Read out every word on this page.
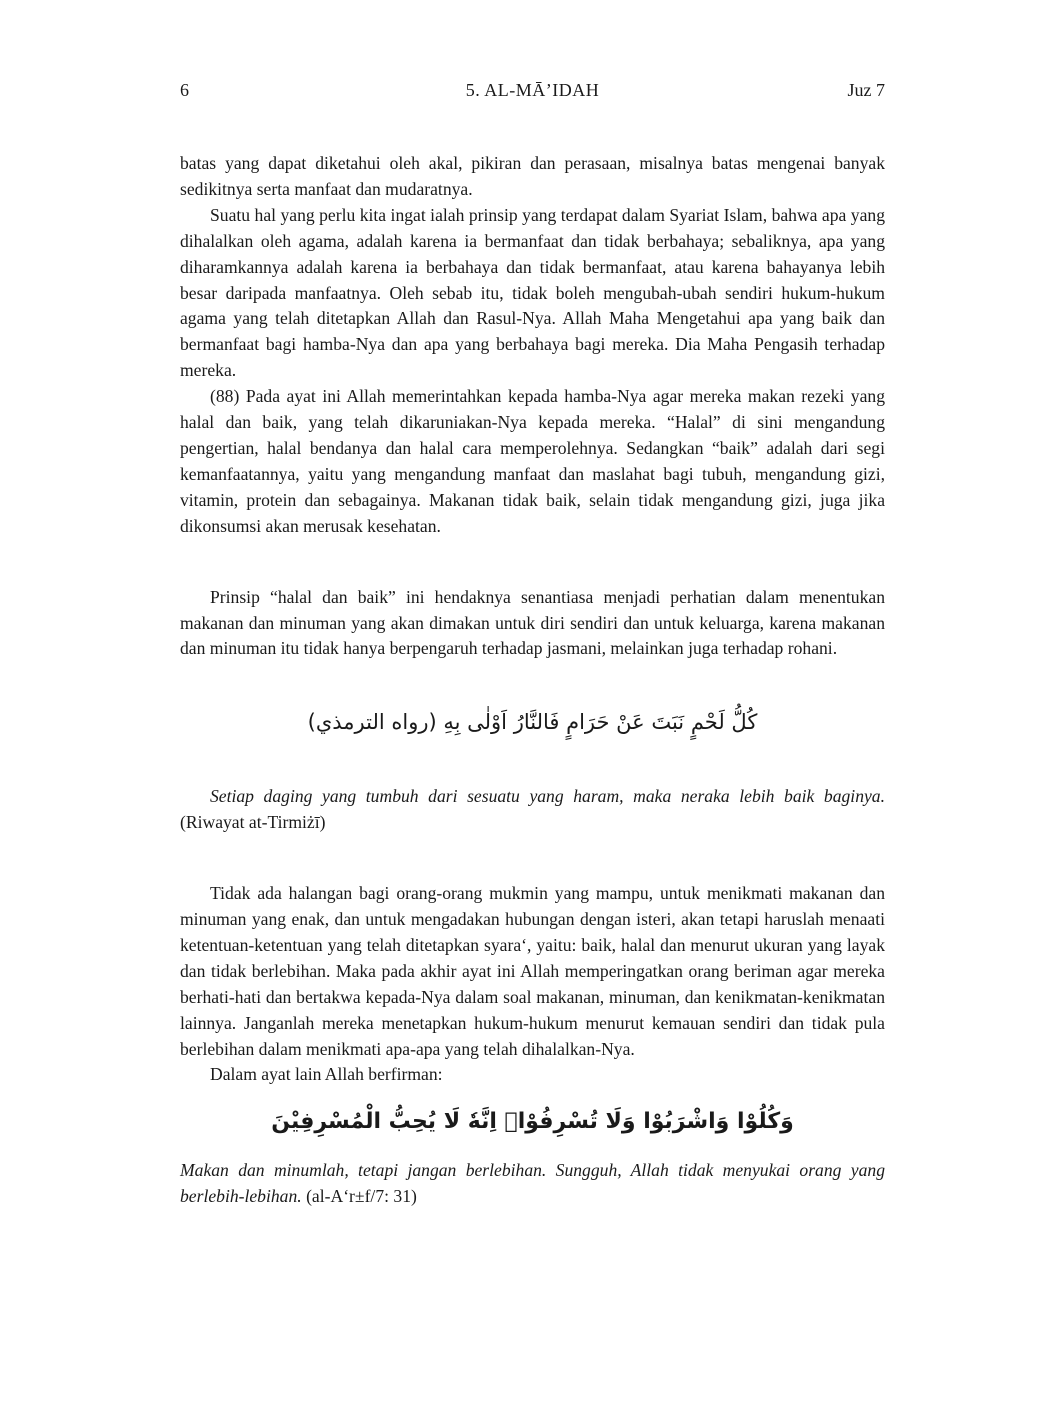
6	5. AL-MĀ’IDAH	Juz 7

batas yang dapat diketahui oleh akal, pikiran dan perasaan, misalnya batas mengenai banyak sedikitnya serta manfaat dan mudaratnya.

Suatu hal yang perlu kita ingat ialah prinsip yang terdapat dalam Syariat Islam, bahwa apa yang dihalalkan oleh agama, adalah karena ia bermanfaat dan tidak berbahaya; sebaliknya, apa yang diharamkannya adalah karena ia berbahaya dan tidak bermanfaat, atau karena bahayanya lebih besar daripada manfaatnya. Oleh sebab itu, tidak boleh mengubah-ubah sendiri hukum-hukum agama yang telah ditetapkan Allah dan Rasul-Nya. Allah Maha Mengetahui apa yang baik dan bermanfaat bagi hamba-Nya dan apa yang berbahaya bagi mereka. Dia Maha Pengasih terhadap mereka.

(88) Pada ayat ini Allah memerintahkan kepada hamba-Nya agar mereka makan rezeki yang halal dan baik, yang telah dikaruniakan-Nya kepada mereka. “Halal” di sini mengandung pengertian, halal bendanya dan halal cara memperolehnya. Sedangkan “baik” adalah dari segi kemanfaatannya, yaitu yang mengandung manfaat dan maslahat bagi tubuh, mengandung gizi, vitamin, protein dan sebagainya. Makanan tidak baik, selain tidak mengandung gizi, juga jika dikonsumsi akan merusak kesehatan.

Prinsip “halal dan baik” ini hendaknya senantiasa menjadi perhatian dalam menentukan makanan dan minuman yang akan dimakan untuk diri sendiri dan untuk keluarga, karena makanan dan minuman itu tidak hanya berpengaruh terhadap jasmani, melainkan juga terhadap rohani.

كُلُّ لَحْمٍ نَبَتَ عَنْ حَرَامٍ فَالنَّارُ اَوْلٰى بِهِ (رواه الترمذي)

Setiap daging yang tumbuh dari sesuatu yang haram, maka neraka lebih baik baginya. (Riwayat at-Tirmiżī)

Tidak ada halangan bagi orang-orang mukmin yang mampu, untuk menikmati makanan dan minuman yang enak, dan untuk mengadakan hubungan dengan isteri, akan tetapi haruslah menaati ketentuan-ketentuan yang telah ditetapkan syara‘, yaitu: baik, halal dan menurut ukuran yang layak dan tidak berlebihan. Maka pada akhir ayat ini Allah memperingatkan orang beriman agar mereka berhati-hati dan bertakwa kepada-Nya dalam soal makanan, minuman, dan kenikmatan-kenikmatan lainnya. Janganlah mereka menetapkan hukum-hukum menurut kemauan sendiri dan tidak pula berlebihan dalam menikmati apa-apa yang telah dihalalkan-Nya.

Dalam ayat lain Allah berfirman:

وَكُلُوْا وَاشْرَبُوْا وَلَا تُسْرِفُوْاۚ اِنَّهٗ لَا يُحِبُّ الْمُسْرِفِيْنَ

Makan dan minumlah, tetapi jangan berlebihan. Sungguh, Allah tidak menyukai orang yang berlebih-lebihan. (al-A‘r±f/7: 31)
